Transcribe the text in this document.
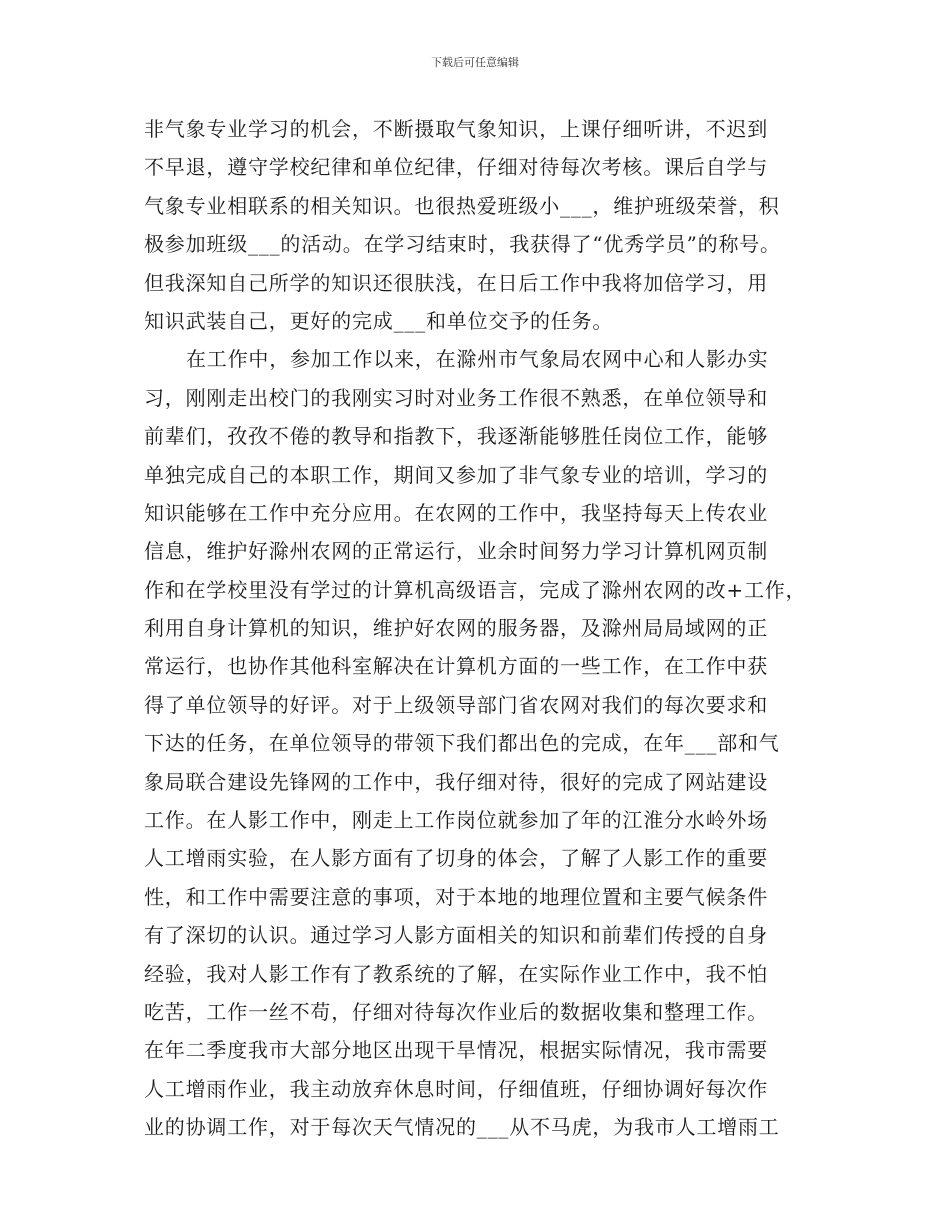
下载后可任意编辑
非气象专业学习的机会，不断摄取气象知识，上课仔细听讲，不迟到
不早退，遵守学校纪律和单位纪律，仔细对待每次考核。课后自学与
气象专业相联系的相关知识。也很热爱班级小___，维护班级荣誉，积
极参加班级___的活动。在学习结束时，我获得了“优秀学员”的称号。
但我深知自己所学的知识还很肤浅，在日后工作中我将加倍学习，用
知识武装自己，更好的完成___和单位交予的任务。
在工作中，参加工作以来，在滁州市气象局农网中心和人影办实
习，刚刚走出校门的我刚实习时对业务工作很不熟悉，在单位领导和
前辈们，孜孜不倦的教导和指教下，我逐渐能够胜任岗位工作，能够
单独完成自己的本职工作，期间又参加了非气象专业的培训，学习的
知识能够在工作中充分应用。在农网的工作中，我坚持每天上传农业
信息，维护好滁州农网的正常运行，业余时间努力学习计算机网页制
作和在学校里没有学过的计算机高级语言，完成了滁州农网的改+工作，
利用自身计算机的知识，维护好农网的服务器，及滁州局局域网的正
常运行，也协作其他科室解决在计算机方面的一些工作，在工作中获
得了单位领导的好评。对于上级领导部门省农网对我们的每次要求和
下达的任务，在单位领导的带领下我们都出色的完成，在年___部和气
象局联合建设先锋网的工作中，我仔细对待，很好的完成了网站建设
工作。在人影工作中，刚走上工作岗位就参加了年的江淮分水岭外场
人工增雨实验，在人影方面有了切身的体会，了解了人影工作的重要
性，和工作中需要注意的事项，对于本地的地理位置和主要气候条件
有了深切的认识。通过学习人影方面相关的知识和前辈们传授的自身
经验，我对人影工作有了教系统的了解，在实际作业工作中，我不怕
吃苦，工作一丝不苟，仔细对待每次作业后的数据收集和整理工作。
在年二季度我市大部分地区出现干旱情况，根据实际情况，我市需要
人工增雨作业，我主动放弃休息时间，仔细值班，仔细协调好每次作
业的协调工作，对于每次天气情况的___从不马虎，为我市人工增雨工
